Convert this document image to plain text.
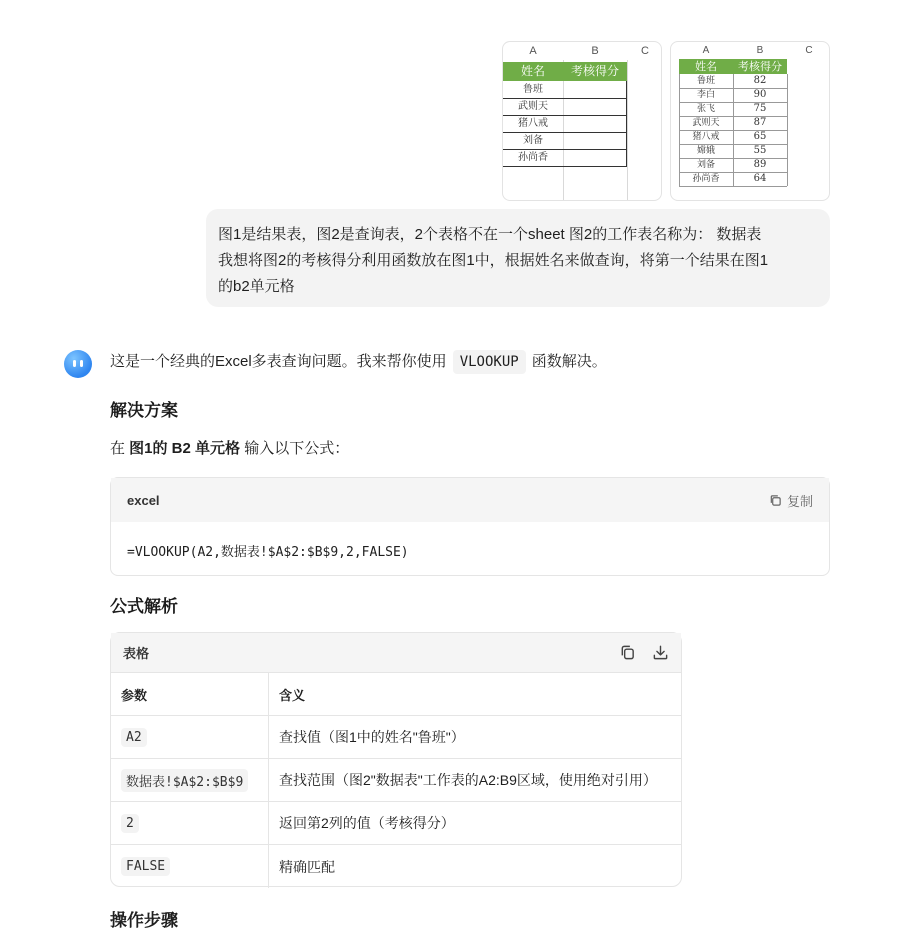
A	B	C
姓名	考核得分
鲁班
武则天
猪八戒
刘备
孙尚香
A	B	C
姓名	考核得分
鲁班	82
李白	90
张飞	75
武则天	87
猪八戒	65
嫦娥	55
刘备	89
孙尚香	64

图1是结果表，图2是查询表，2个表格不在一个sheet 图2的工作表名称为： 数据表

我想将图2的考核得分利用函数放在图1中，根据姓名来做查询，将第一个结果在图1

的b2单元格

这是一个经典的Excel多表查询问题。我来帮你使用 VLOOKUP 函数解决。
解决方案
在 图1的 B2 单元格 输入以下公式：
excel	复制
=VLOOKUP(A2,数据表!$A$2:$B$9,2,FALSE)
公式解析
表格
参数	含义
A2	查找值（图1中的姓名"鲁班"）
数据表!$A$2:$B$9	查找范围（图2"数据表"工作表的A2:B9区域，使用绝对引用）
2	返回第2列的值（考核得分）
FALSE	精确匹配
操作步骤
